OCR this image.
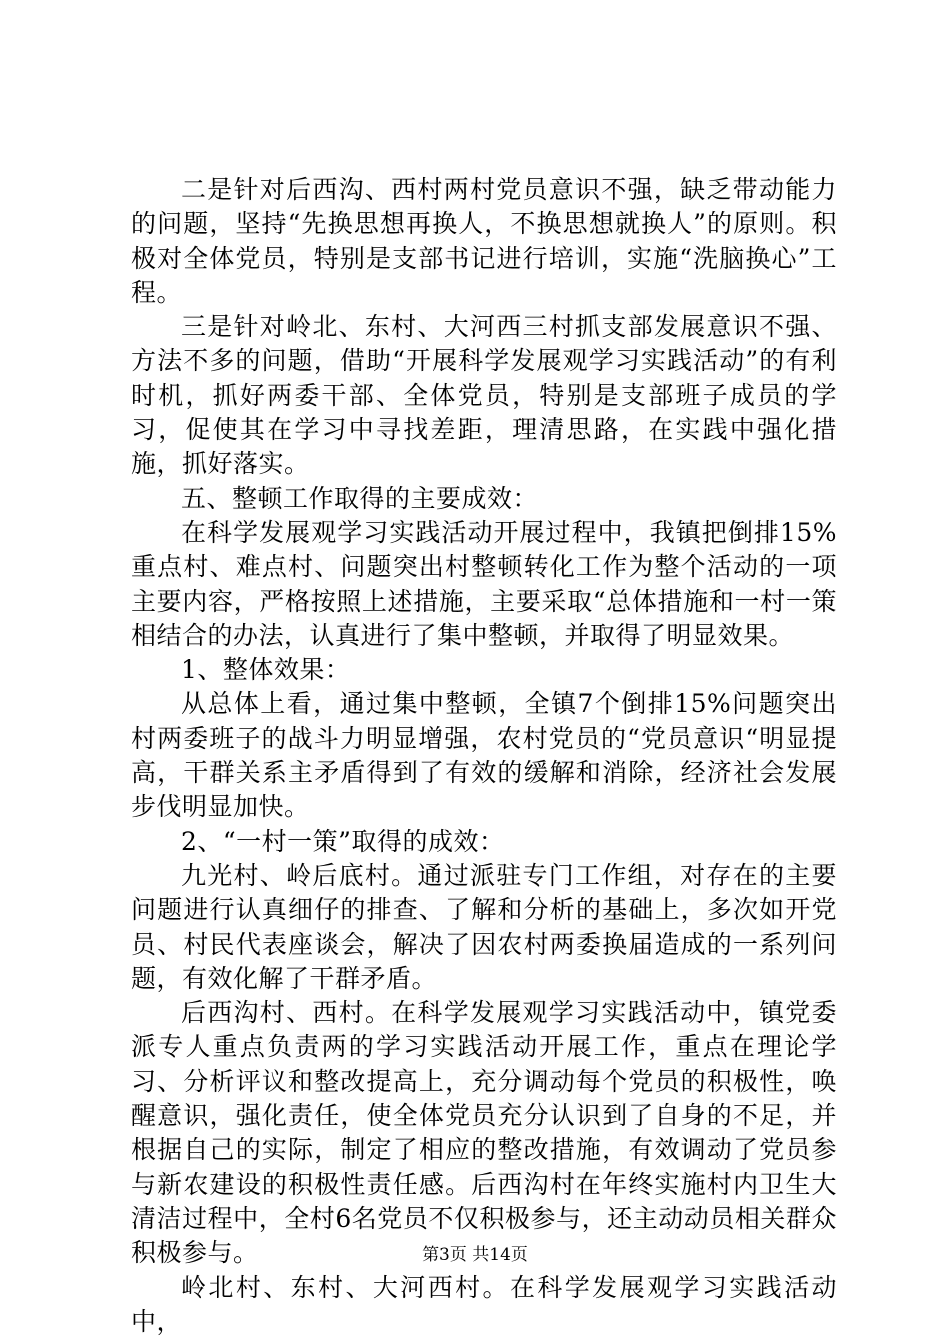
二是针对后西沟、西村两村党员意识不强，缺乏带动能力的问题，坚持“先换思想再换人，不换思想就换人”的原则。积极对全体党员，特别是支部书记进行培训，实施“洗脑换心”工程。

三是针对岭北、东村、大河西三村抓支部发展意识不强、方法不多的问题，借助“开展科学发展观学习实践活动”的有利时机，抓好两委干部、全体党员，特别是支部班子成员的学习，促使其在学习中寻找差距，理清思路，在实践中强化措施，抓好落实。

五、整顿工作取得的主要成效：

在科学发展观学习实践活动开展过程中，我镇把倒排15%重点村、难点村、问题突出村整顿转化工作为整个活动的一项主要内容，严格按照上述措施，主要采取“总体措施和一村一策相结合的办法，认真进行了集中整顿，并取得了明显效果。

1、整体效果：

从总体上看，通过集中整顿，全镇7个倒排15%问题突出村两委班子的战斗力明显增强，农村党员的“党员意识“明显提高，干群关系主矛盾得到了有效的缓解和消除，经济社会发展步伐明显加快。

2、“一村一策”取得的成效：

九光村、岭后底村。通过派驻专门工作组，对存在的主要问题进行认真细仔的排查、了解和分析的基础上，多次如开党员、村民代表座谈会，解决了因农村两委换届造成的一系列问题，有效化解了干群矛盾。

后西沟村、西村。在科学发展观学习实践活动中，镇党委派专人重点负责两的学习实践活动开展工作，重点在理论学习、分析评议和整改提高上，充分调动每个党员的积极性，唤醒意识，强化责任，使全体党员充分认识到了自身的不足，并根据自己的实际，制定了相应的整改措施，有效调动了党员参与新农建设的积极性责任感。后西沟村在年终实施村内卫生大清洁过程中，全村6名党员不仅积极参与，还主动动员相关群众积极参与。

岭北村、东村、大河西村。在科学发展观学习实践活动中，

第3页 共14页
